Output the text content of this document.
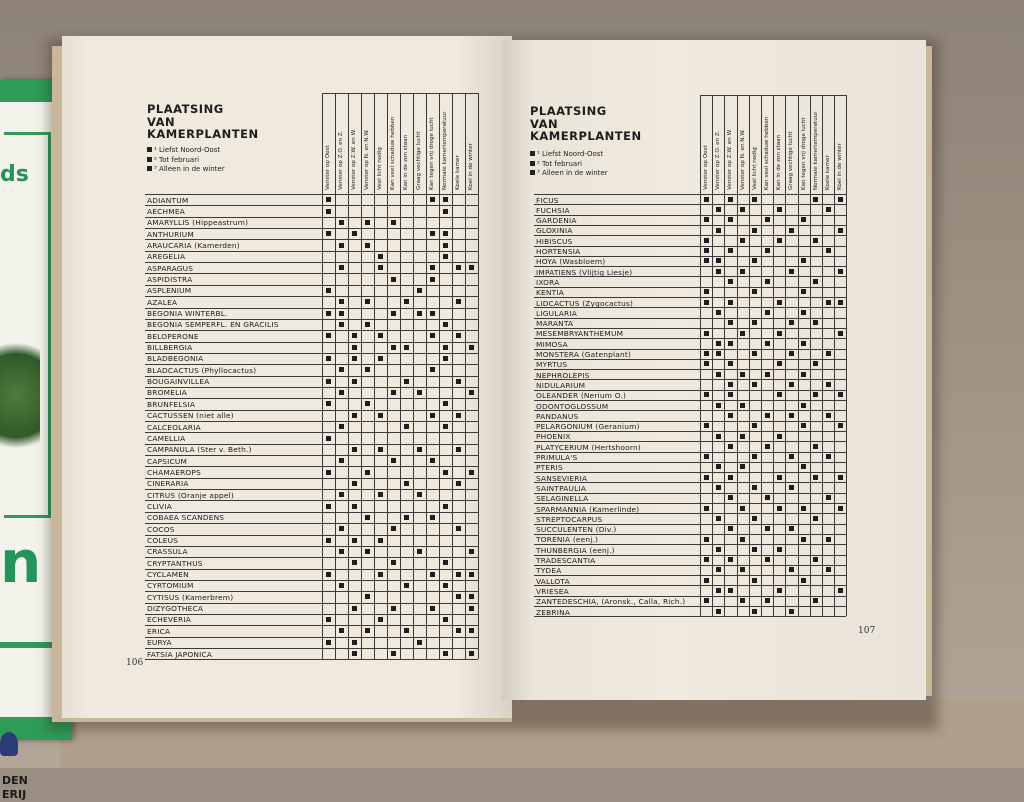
ds
n
DEN
ERIJ
PLAATSING
VAN
KAMERPLANTEN
¹ Liefst Noord-Oost
² Tot februari
³ Alleen in de winter	Venster op Oost Venster op Z.O. en Z. Venster op Z.W. en W. Venster op N. en N.W. Veel licht nodig Kan veel schaduw hebben Kan in de zon staan Graag vochtige lucht Kan tegen vrij droge lucht Normale kamertemperatuur Koele kamer Koel in de winter
ADIANTUM
AECHMEA
AMARYLLIS (Hippeastrum)
ANTHURIUM
ARAUCARIA (Kamerden)
AREGELIA
ASPARAGUS
ASPIDISTRA
ASPLENIUM
AZALEA
BEGONIA WINTERBL.
BEGONIA SEMPERFL. EN GRACILIS
BELOPERONE
BILLBERGIA
BLADBEGONIA
BLADCACTUS (Phyllocactus)
BOUGAINVILLEA
BROMELIA
BRUNFELSIA
CACTUSSEN (niet alle)
CALCEOLARIA
CAMELLIA
CAMPANULA (Ster v. Beth.)
CAPSICUM
CHAMAEROPS
CINERARIA
CITRUS (Oranje appel)
CLIVIA
COBAEA SCANDENS
COCOS
COLEUS
CRASSULA
CRYPTANTHUS
CYCLAMEN
CYRTOMIUM
CYTISUS (Kamerbrem)
DIZYGOTHECA
ECHEVERIA
ERICA
EURYA
FATSIA JAPONICA
106
PLAATSING
VAN
KAMERPLANTEN
¹ Liefst Noord-Oost
² Tot februari
³ Alleen in de winter	Venster op Oost Venster op Z.O. en Z. Venster op Z.W. en W. Venster op N. en N.W. Veel licht nodig Kan veel schaduw hebben Kan in de zon staan Graag vochtige lucht Kan tegen vrij droge lucht Normale kamertemperatuur Koele kamer Koel in de winter
FICUS
FUCHSIA
GARDENIA
GLOXINIA
HIBISCUS
HORTENSIA
HOYA (Wasbloem)
IMPATIENS (Vlijtig Liesje)
IXORA
KENTIA
LIDCACTUS (Zygocactus)
LIGULARIA
MARANTA
MESEMBRYANTHEMUM
MIMOSA
MONSTERA (Gatenplant)
MYRTUS
NEPHROLEPIS
NIDULARIUM
OLEANDER (Nerium O.)
ODONTOGLOSSUM
PANDANUS
PELARGONIUM (Geranium)
PHOENIX
PLATYCERIUM (Hertshoorn)
PRIMULA'S
PTERIS
SANSEVIERIA
SAINTPAULIA
SELAGINELLA
SPARMANNIA (Kamerlinde)
STREPTOCARPUS
SUCCULENTEN (Div.)
TORENIA (eenj.)
THUNBERGIA (eenj.)
TRADESCANTIA
TYDEA
VALLOTA
VRIESEA
ZANTEDESCHIA, (Aronsk., Calla, Rich.)
ZEBRINA
107
